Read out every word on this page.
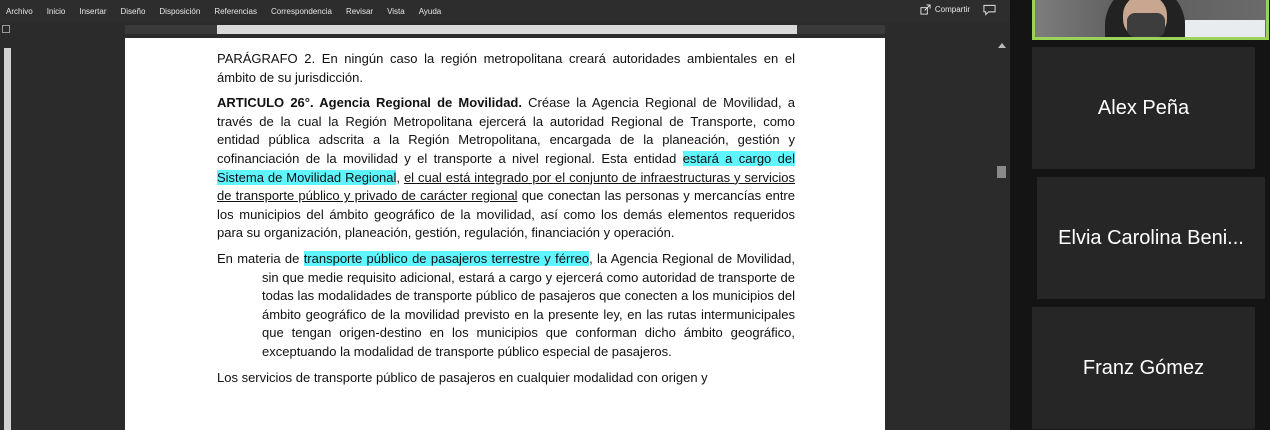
Archivo	Inicio	Insertar	Diseño	Disposición	Referencias	Correspondencia	Revisar	Vista	Ayuda	Compartir

PARÁGRAFO 2. En ningún caso la región metropolitana creará autoridades ambientales en el ámbito de su jurisdicción.

ARTICULO 26°. Agencia Regional de Movilidad. Créase la Agencia Regional de Movilidad, a través de la cual la Región Metropolitana ejercerá la autoridad Regional de Transporte, como entidad pública adscrita a la Región Metropolitana, encargada de la planeación, gestión y cofinanciación de la movilidad y el transporte a nivel regional. Esta entidad estará a cargo del Sistema de Movilidad Regional, el cual está integrado por el conjunto de infraestructuras y servicios de transporte público y privado de carácter regional que conectan las personas y mercancías entre los municipios del ámbito geográfico de la movilidad, así como los demás elementos requeridos para su organización, planeación, gestión, regulación, financiación y operación.

En materia de transporte público de pasajeros terrestre y férreo, la Agencia Regional de Movilidad, sin que medie requisito adicional, estará a cargo y ejercerá como autoridad de transporte de todas las modalidades de transporte público de pasajeros que conecten a los municipios del ámbito geográfico de la movilidad previsto en la presente ley, en las rutas intermunicipales que tengan origen-destino en los municipios que conforman dicho ámbito geográfico, exceptuando la modalidad de transporte público especial de pasajeros.

Los servicios de transporte público de pasajeros en cualquier modalidad con origen y

Alex Peña
Elvia Carolina Beni...
Franz Gómez
